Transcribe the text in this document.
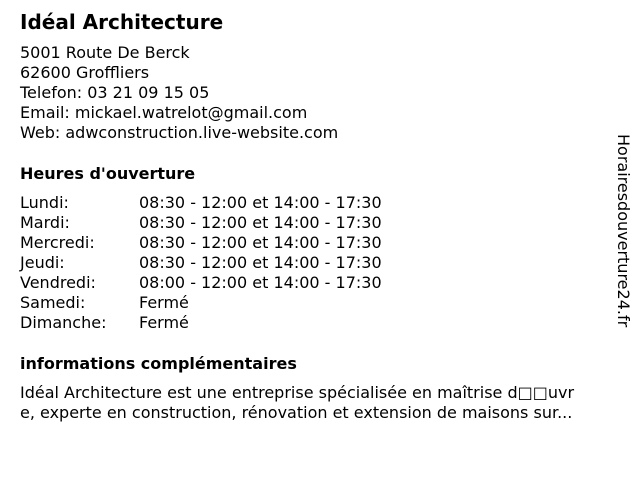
Idéal Architecture
5001 Route De Berck
62600 Groffliers
Telefon: 03 21 09 15 05
Email: mickael.watrelot@gmail.com
Web: adwconstruction.live-website.com
Heures d'ouverture
Lundi:	08:30 - 12:00 et 14:00 - 17:30
Mardi:	08:30 - 12:00 et 14:00 - 17:30
Mercredi:	08:30 - 12:00 et 14:00 - 17:30
Jeudi:	08:30 - 12:00 et 14:00 - 17:30
Vendredi:	08:00 - 12:00 et 14:00 - 17:30
Samedi:	Fermé
Dimanche: Fermé
informations complémentaires
Idéal Architecture est une entreprise spécialisée en maîtrise d□□uvr
e, experte en construction, rénovation et extension de maisons sur...
Horairesdouverture24.fr
